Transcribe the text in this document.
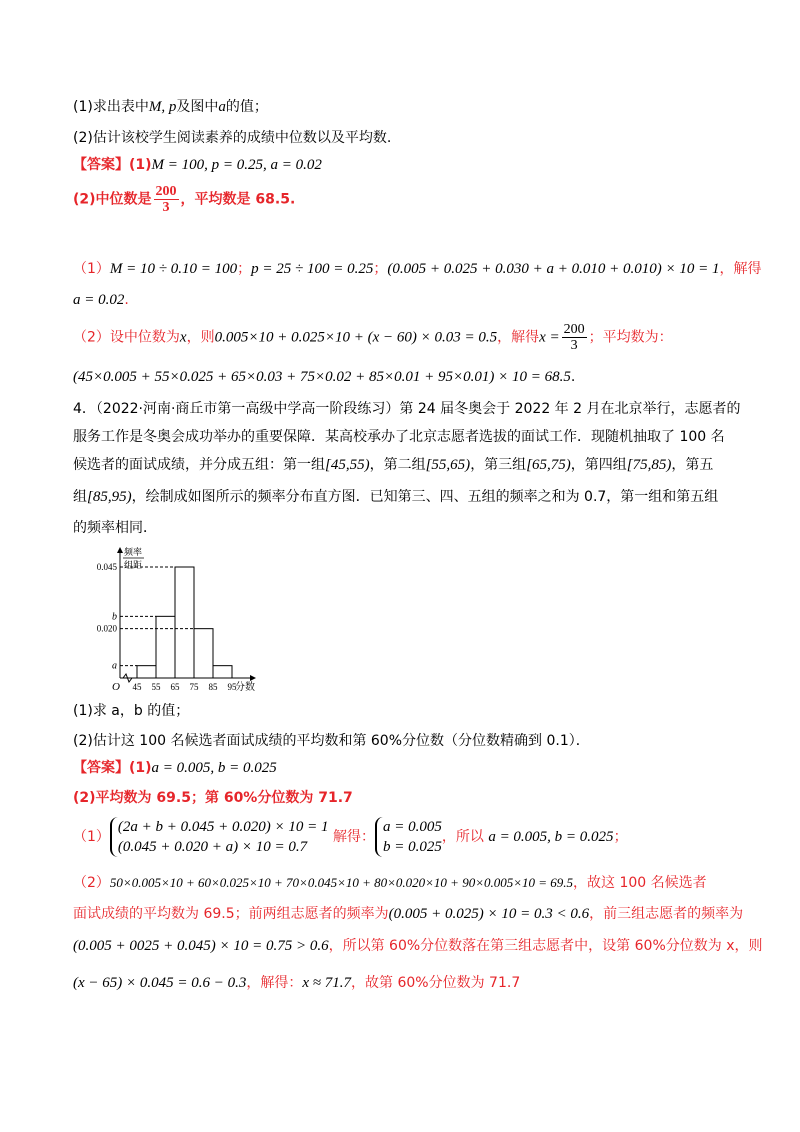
(1)求出表中M, p及图中a的值；
(2)估计该校学生阅读素养的成绩中位数以及平均数.
【答案】(1)M = 100, p = 0.25, a = 0.02
(2)中位数是 $\frac{200}{3}$ ，平均数是 68.5.
（1）M = 10 ÷ 0.10 = 100；p = 25 ÷ 100 = 0.25；(0.005 + 0.025 + 0.030 + a + 0.010 + 0.010) × 10 = 1，解得
a = 0.02.
（2）设中位数为x，则0.005×10 + 0.025×10 + (x − 60) × 0.03 = 0.5，解得$x = \frac{200}{3}$ ；平均数为：
(45×0.005 + 55×0.025 + 65×0.03 + 75×0.02 + 85×0.01 + 95×0.01) × 10 = 68.5.
4．（2022·河南·商丘市第一高级中学高一阶段练习）第 24 届冬奥会于 2022 年 2 月在北京举行，志愿者的
服务工作是冬奥会成功举办的重要保障．某高校承办了北京志愿者选拔的面试工作．现随机抽取了 100 名
候选者的面试成绩，并分成五组：第一组[45,55)，第二组[55,65)，第三组[65,75)，第四组[75,85)，第五
组[85,95)，绘制成如图所示的频率分布直方图．已知第三、四、五组的频率之和为 0.7，第一组和第五组
的频率相同．
0.045
b
0.020
a
45 55 65 75 85 95
O	分数
频率
组距
(1)求 a，b 的值；
(2)估计这 100 名候选者面试成绩的平均数和第 60%分位数（分位数精确到 0.1）．
【答案】(1)a = 0.005, b = 0.025
(2)平均数为 69.5；第 60%分位数为 71.7
（1）
(2a + b + 0.045 + 0.020) × 10 = 1
(0.045 + 0.020 + a) × 10 = 0.7
解得：
a = 0.005
b = 0.025
，所以 a = 0.005, b = 0.025；
（2）50×0.005×10 + 60×0.025×10 + 70×0.045×10 + 80×0.020×10 + 90×0.005×10 = 69.5，故这 100 名候选者
面试成绩的平均数为 69.5；前两组志愿者的频率为(0.005 + 0.025) × 10 = 0.3 < 0.6，前三组志愿者的频率为
(0.005 + 0025 + 0.045) × 10 = 0.75 > 0.6，所以第 60%分位数落在第三组志愿者中，设第 60%分位数为 x，则
(x − 65) × 0.045 = 0.6 − 0.3，解得：x ≈ 71.7，故第 60%分位数为 71.7
